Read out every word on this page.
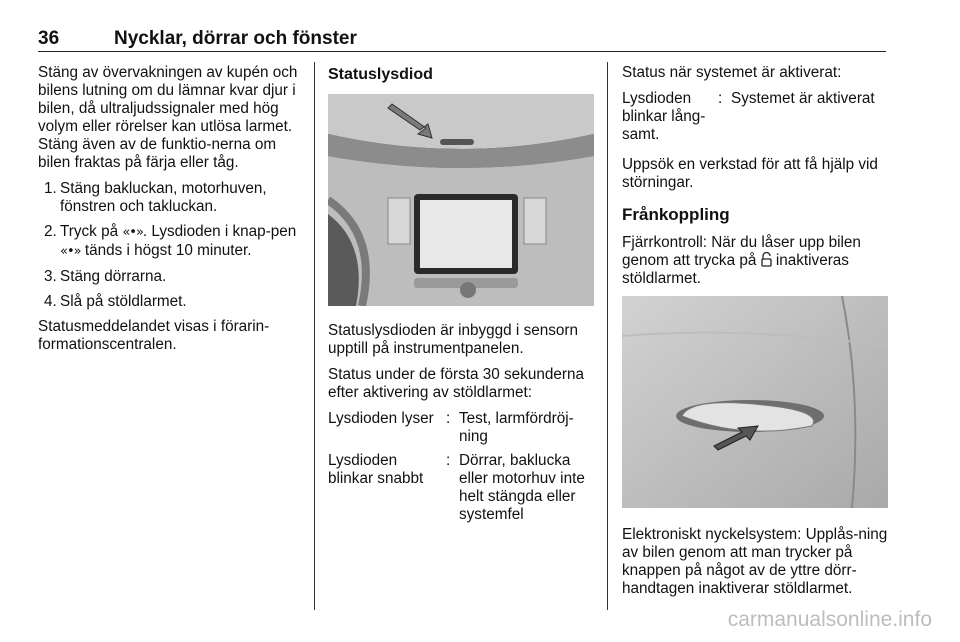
36	Nycklar, dörrar och fönster

Stäng av övervakningen av kupén och bilens lutning om du lämnar kvar djur i bilen, då ultraljudssignaler med hög volym eller rörelser kan utlösa larmet. Stäng även av de funktio-nerna om bilen fraktas på färja eller tåg.

1. Stäng bakluckan, motorhuven, fönstren och takluckan.
2. Tryck på «•». Lysdioden i knap-pen «•» tänds i högst 10 minuter.
3. Stäng dörrarna.
4. Slå på stöldlarmet.

Statusmeddelandet visas i förarin-formationscentralen.

Statuslysdiod

Statuslysdioden är inbyggd i sensorn upptill på instrumentpanelen.

Status under de första 30 sekunderna efter aktivering av stöldlarmet:

Lysdioden lyser : Test, larmfördröj-ning
Lysdioden blinkar snabbt
: Dörrar, baklucka eller motorhuv inte helt stängda eller systemfel

Status när systemet är aktiverat:

Lysdioden blinkar lång-samt.
: Systemet är aktiverat

Uppsök en verkstad för att få hjälp vid störningar.

Frånkoppling

Fjärrkontroll: När du låser upp bilen genom att trycka på inaktiveras stöldlarmet.

Elektroniskt nyckelsystem: Upplås-ning av bilen genom att man trycker på knappen på något av de yttre dörr-handtagen inaktiverar stöldlarmet.

carmanualsonline.info
